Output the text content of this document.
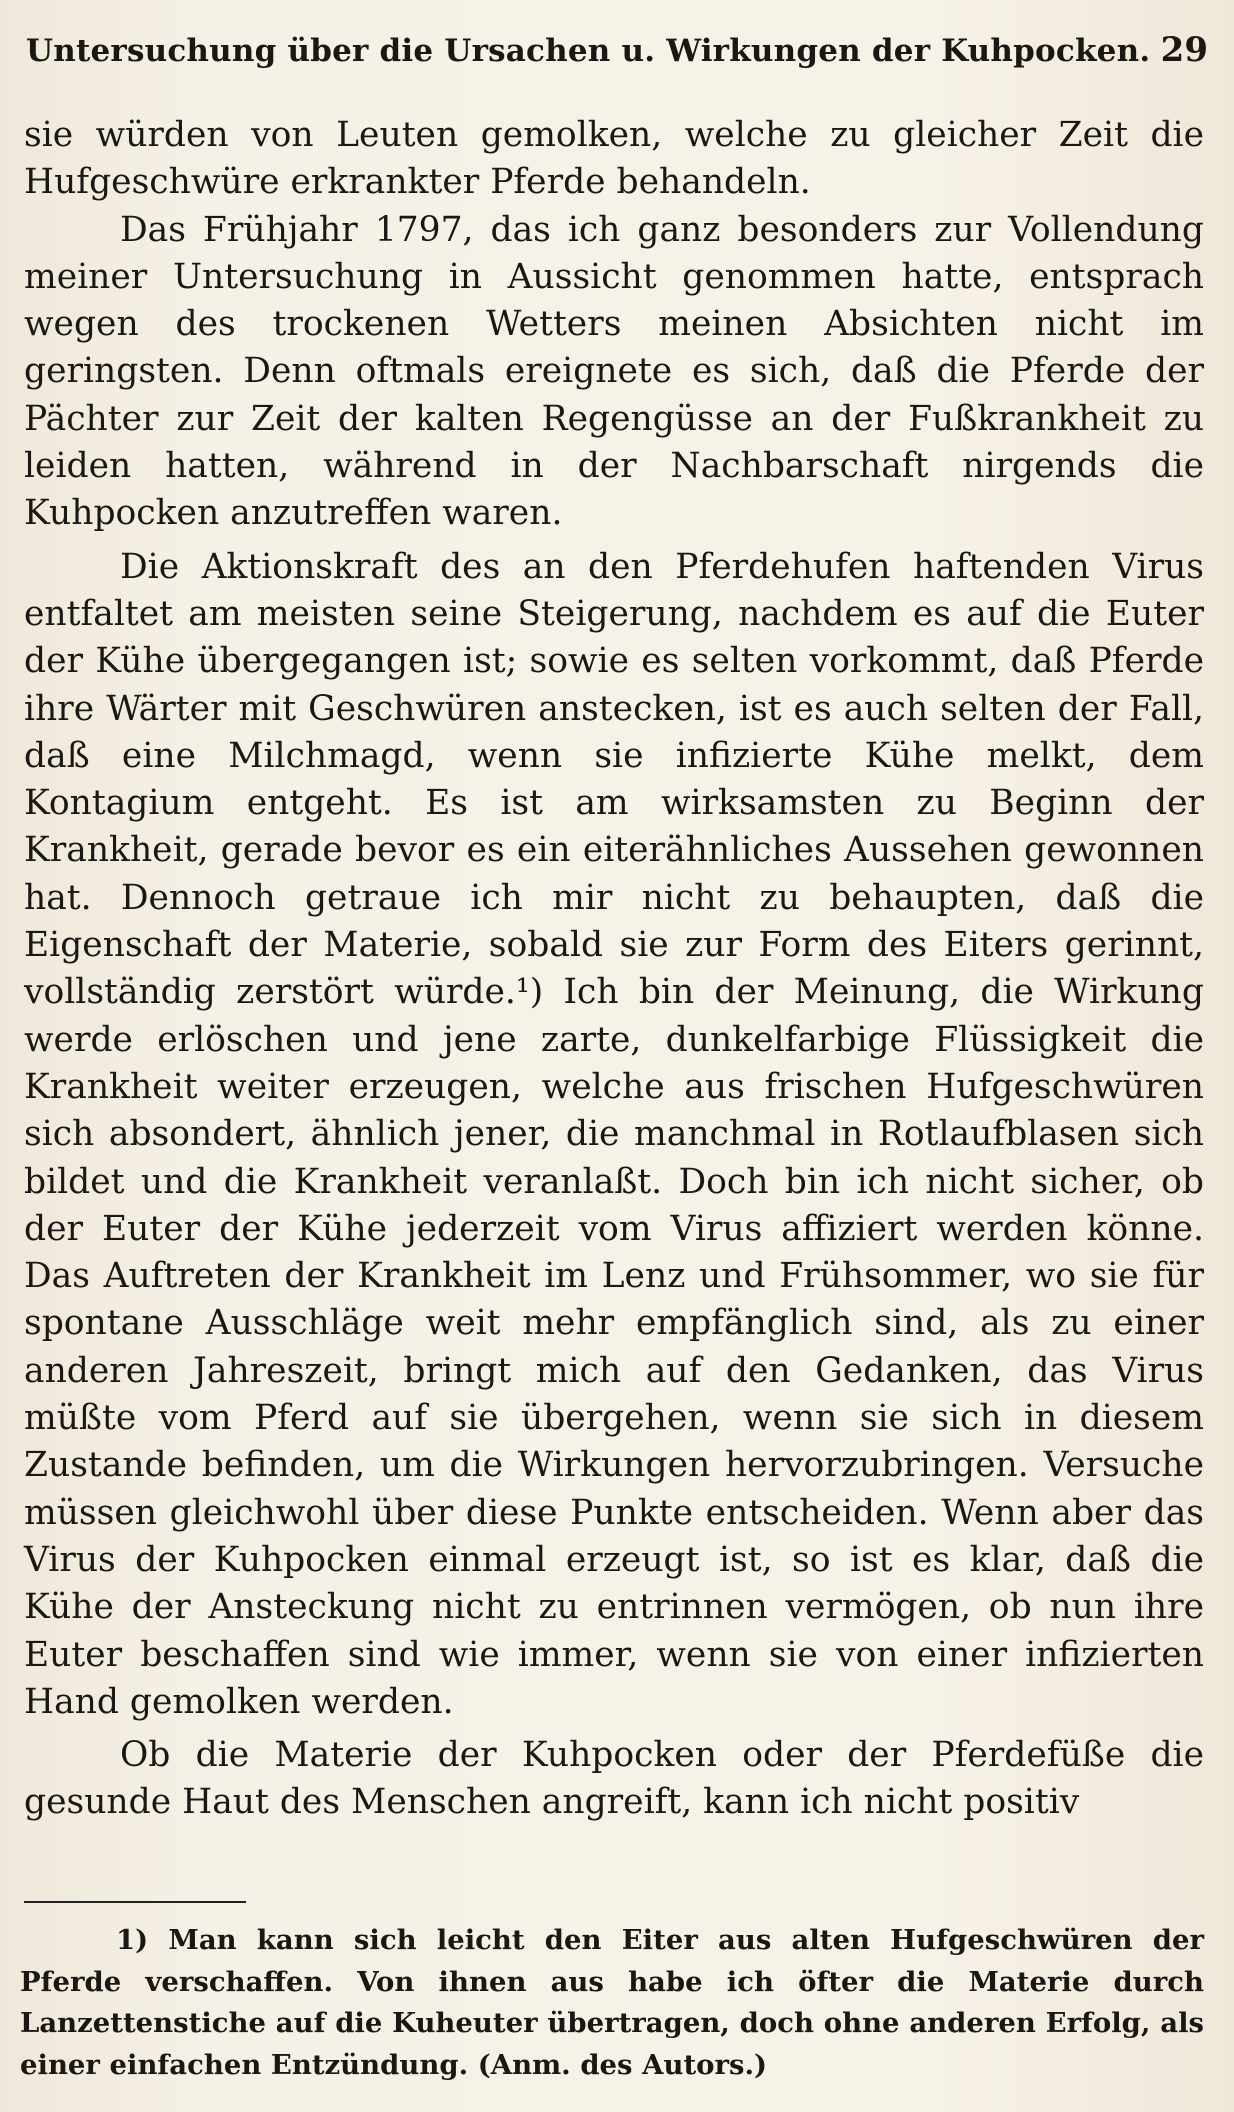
Untersuchung über die Ursachen u. Wirkungen der Kuhpocken. 29

sie würden von Leuten gemolken, welche zu gleicher Zeit die Hufgeschwüre erkrankter Pferde behandeln.

Das Frühjahr 1797, das ich ganz besonders zur Vollendung meiner Untersuchung in Aussicht genommen hatte, entsprach wegen des trockenen Wetters meinen Absichten nicht im geringsten. Denn oftmals ereignete es sich, daß die Pferde der Pächter zur Zeit der kalten Regengüsse an der Fußkrankheit zu leiden hatten, während in der Nachbarschaft nirgends die Kuhpocken anzutreffen waren.

Die Aktionskraft des an den Pferdehufen haftenden Virus entfaltet am meisten seine Steigerung, nachdem es auf die Euter der Kühe übergegangen ist; sowie es selten vorkommt, daß Pferde ihre Wärter mit Geschwüren anstecken, ist es auch selten der Fall, daß eine Milchmagd, wenn sie infizierte Kühe melkt, dem Kontagium entgeht. Es ist am wirksamsten zu Beginn der Krankheit, gerade bevor es ein eiterähnliches Aussehen gewonnen hat. Dennoch getraue ich mir nicht zu behaupten, daß die Eigenschaft der Materie, sobald sie zur Form des Eiters gerinnt, vollständig zerstört würde.¹) Ich bin der Meinung, die Wirkung werde erlöschen und jene zarte, dunkelfarbige Flüssigkeit die Krankheit weiter erzeugen, welche aus frischen Hufgeschwüren sich absondert, ähnlich jener, die manchmal in Rotlaufblasen sich bildet und die Krankheit veranlaßt. Doch bin ich nicht sicher, ob der Euter der Kühe jederzeit vom Virus affiziert werden könne. Das Auftreten der Krankheit im Lenz und Frühsommer, wo sie für spontane Ausschläge weit mehr empfänglich sind, als zu einer anderen Jahreszeit, bringt mich auf den Gedanken, das Virus müßte vom Pferd auf sie übergehen, wenn sie sich in diesem Zustande befinden, um die Wirkungen hervorzubringen. Versuche müssen gleichwohl über diese Punkte entscheiden. Wenn aber das Virus der Kuhpocken einmal erzeugt ist, so ist es klar, daß die Kühe der Ansteckung nicht zu entrinnen vermögen, ob nun ihre Euter beschaffen sind wie immer, wenn sie von einer infizierten Hand gemolken werden.

Ob die Materie der Kuhpocken oder der Pferdefüße die gesunde Haut des Menschen angreift, kann ich nicht positiv

1) Man kann sich leicht den Eiter aus alten Hufgeschwüren der Pferde verschaffen. Von ihnen aus habe ich öfter die Materie durch Lanzettenstiche auf die Kuheuter übertragen, doch ohne anderen Erfolg, als einer einfachen Entzündung. (Anm. des Autors.)
